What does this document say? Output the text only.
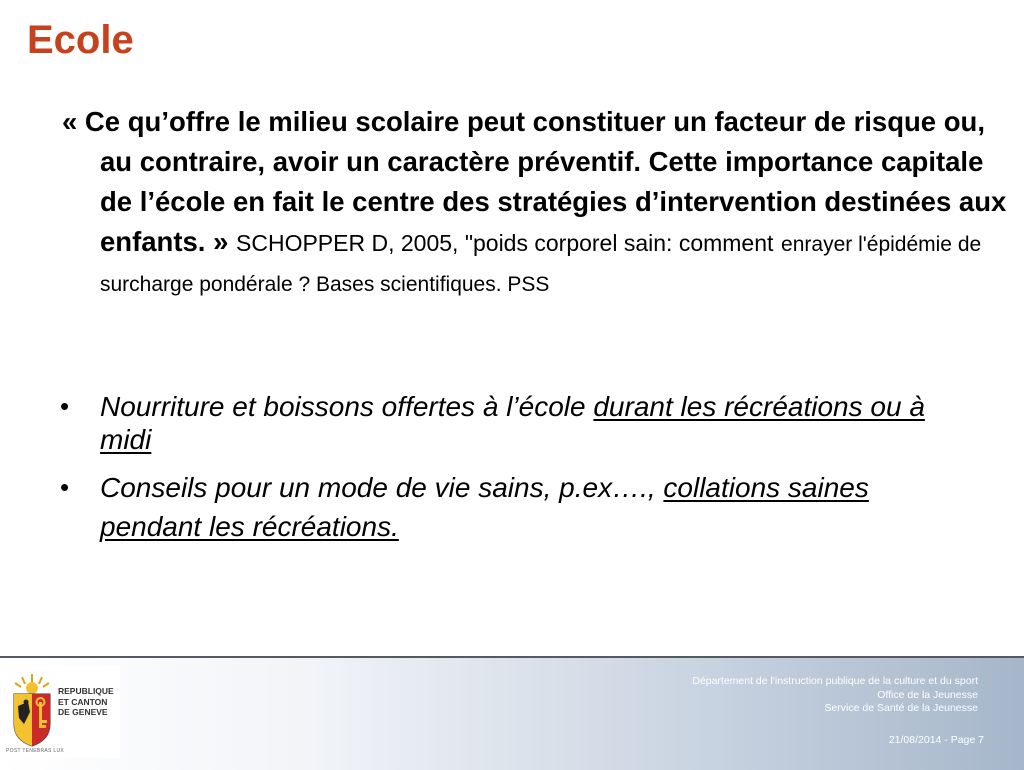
Ecole
« Ce qu’offre le milieu scolaire peut constituer un facteur de risque ou, au contraire, avoir un caractère préventif. Cette importance capitale de l’école en fait le centre des stratégies d’intervention destinées aux enfants. » SCHOPPER D, 2005, "poids corporel sain: comment enrayer l'épidémie de surcharge pondérale ? Bases scientifiques. PSS
• Nourriture et boissons offertes à l’école durant les récréations ou à midi
• Conseils pour un mode de vie sains, p.ex…., collations saines pendant les récréations.
REPUBLIQUE
ET CANTON
DE GENEVE
POST TENEBRAS LUX
Département de l'instruction publique de la culture et du sport
Office de la Jeunesse
Service de Santé de la Jeunesse
21/08/2014 - Page 7
